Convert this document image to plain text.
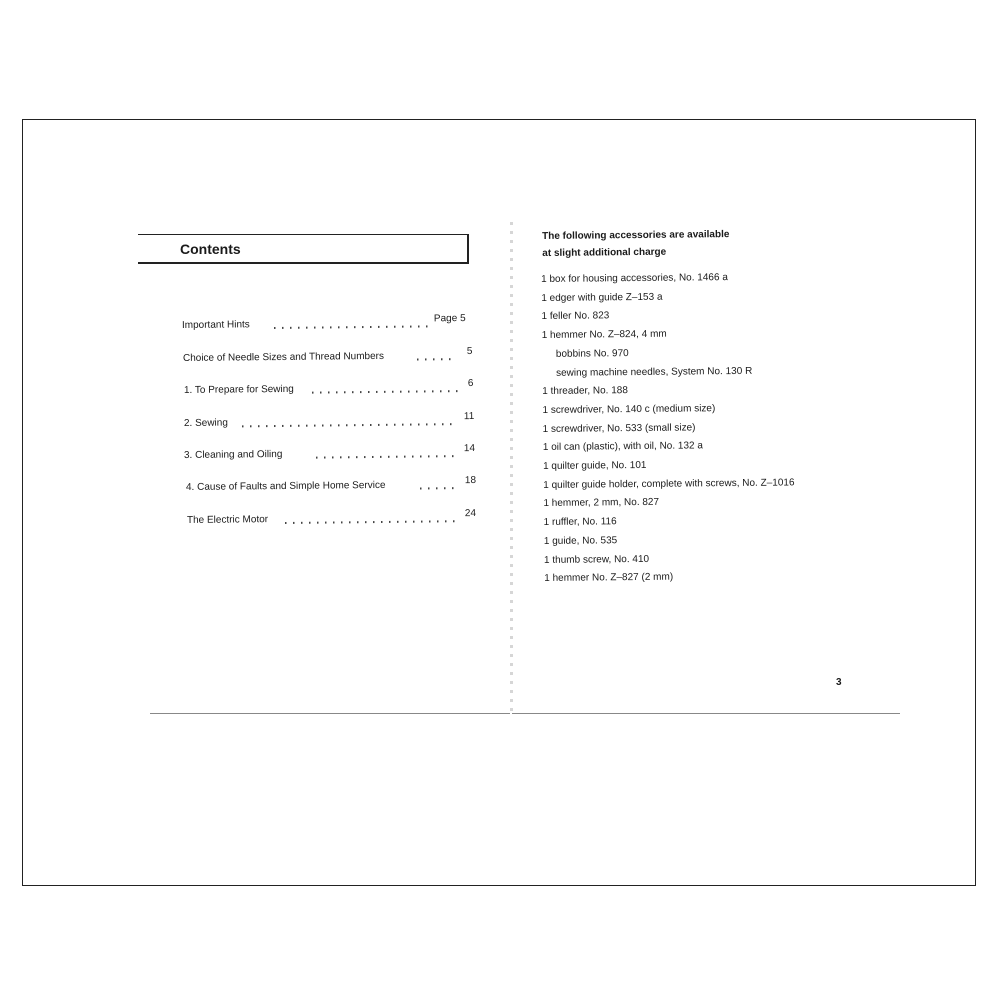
Contents
Important Hints
Page 5
Choice of Needle Sizes and Thread Numbers	5
1. To Prepare for Sewing
6
2. Sewing
11
3. Cleaning and Oiling
14
4. Cause of Faults and Simple Home Service	18
The Electric Motor
24
The following accessories are available
at slight additional charge
1 box for housing accessories, No. 1466 a
1 edger with guide Z–153 a
1 feller No. 823
1 hemmer No. Z–824, 4 mm
bobbins No. 970
sewing machine needles, System No. 130 R
1 threader, No. 188
1 screwdriver, No. 140 c (medium size)
1 screwdriver, No. 533 (small size)
1 oil can (plastic), with oil, No. 132 a
1 quilter guide, No. 101
1 quilter guide holder, complete with screws, No. Z–1016
1 hemmer, 2 mm, No. 827
1 ruffler, No. 116
1 guide, No. 535
1 thumb screw, No. 410
1 hemmer No. Z–827 (2 mm)
3
